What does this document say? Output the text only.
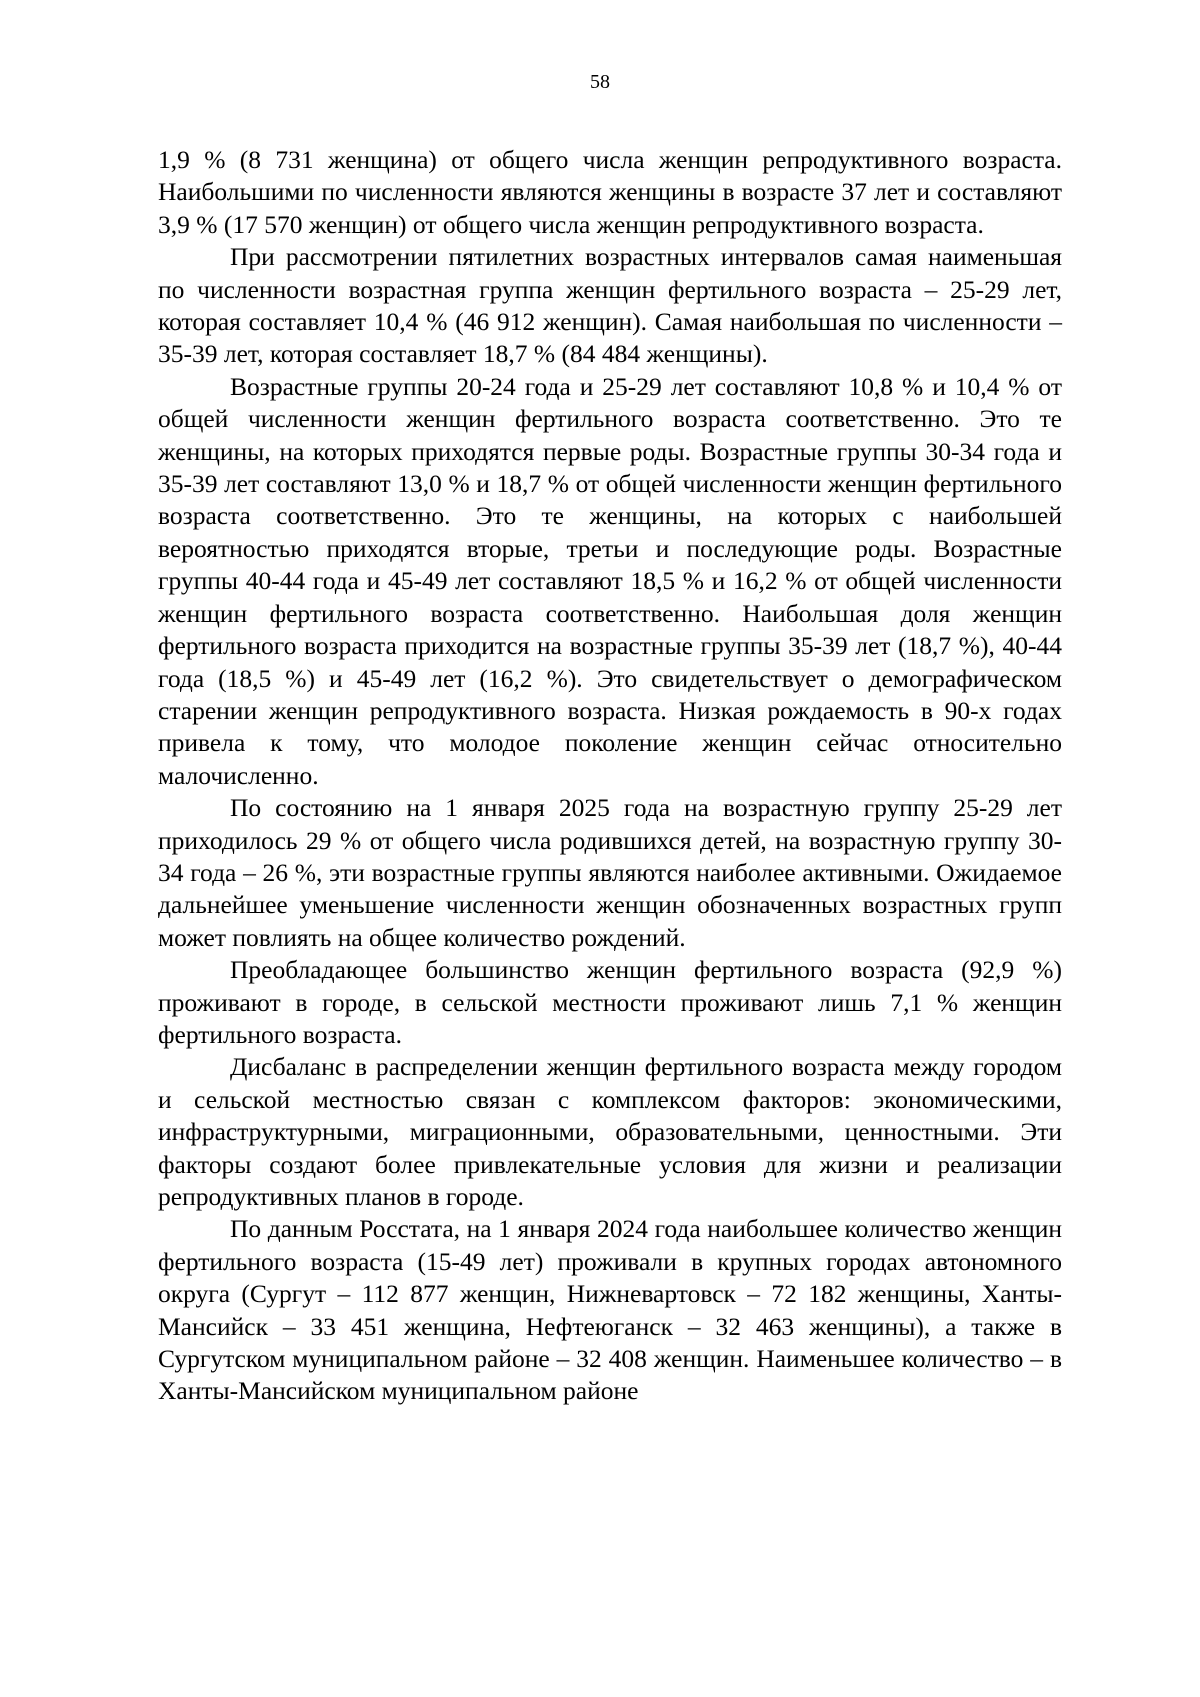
58

1,9 % (8 731 женщина) от общего числа женщин репродуктивного возраста. Наибольшими по численности являются женщины в возрасте 37 лет и составляют 3,9 % (17 570 женщин) от общего числа женщин репродуктивного возраста.

При рассмотрении пятилетних возрастных интервалов самая наименьшая по численности возрастная группа женщин фертильного возраста – 25-29 лет, которая составляет 10,4 % (46 912 женщин). Самая наибольшая по численности – 35-39 лет, которая составляет 18,7 % (84 484 женщины).

Возрастные группы 20-24 года и 25-29 лет составляют 10,8 % и 10,4 % от общей численности женщин фертильного возраста соответственно. Это те женщины, на которых приходятся первые роды. Возрастные группы 30-34 года и 35-39 лет составляют 13,0 % и 18,7 % от общей численности женщин фертильного возраста соответственно. Это те женщины, на которых с наибольшей вероятностью приходятся вторые, третьи и последующие роды. Возрастные группы 40-44 года и 45-49 лет составляют 18,5 % и 16,2 % от общей численности женщин фертильного возраста соответственно. Наибольшая доля женщин фертильного возраста приходится на возрастные группы 35-39 лет (18,7 %), 40-44 года (18,5 %) и 45-49 лет (16,2 %). Это свидетельствует о демографическом старении женщин репродуктивного возраста. Низкая рождаемость в 90-х годах привела к тому, что молодое поколение женщин сейчас относительно малочисленно.

По состоянию на 1 января 2025 года на возрастную группу 25-29 лет приходилось 29 % от общего числа родившихся детей, на возрастную группу 30-34 года – 26 %, эти возрастные группы являются наиболее активными. Ожидаемое дальнейшее уменьшение численности женщин обозначенных возрастных групп может повлиять на общее количество рождений.

Преобладающее большинство женщин фертильного возраста (92,9 %) проживают в городе, в сельской местности проживают лишь 7,1 % женщин фертильного возраста.

Дисбаланс в распределении женщин фертильного возраста между городом и сельской местностью связан с комплексом факторов: экономическими, инфраструктурными, миграционными, образовательными, ценностными. Эти факторы создают более привлекательные условия для жизни и реализации репродуктивных планов в городе.

По данным Росстата, на 1 января 2024 года наибольшее количество женщин фертильного возраста (15-49 лет) проживали в крупных городах автономного округа (Сургут – 112 877 женщин, Нижневартовск – 72 182 женщины, Ханты-Мансийск – 33 451 женщина, Нефтеюганск – 32 463 женщины), а также в Сургутском муниципальном районе – 32 408 женщин. Наименьшее количество – в Ханты-Мансийском муниципальном районе
